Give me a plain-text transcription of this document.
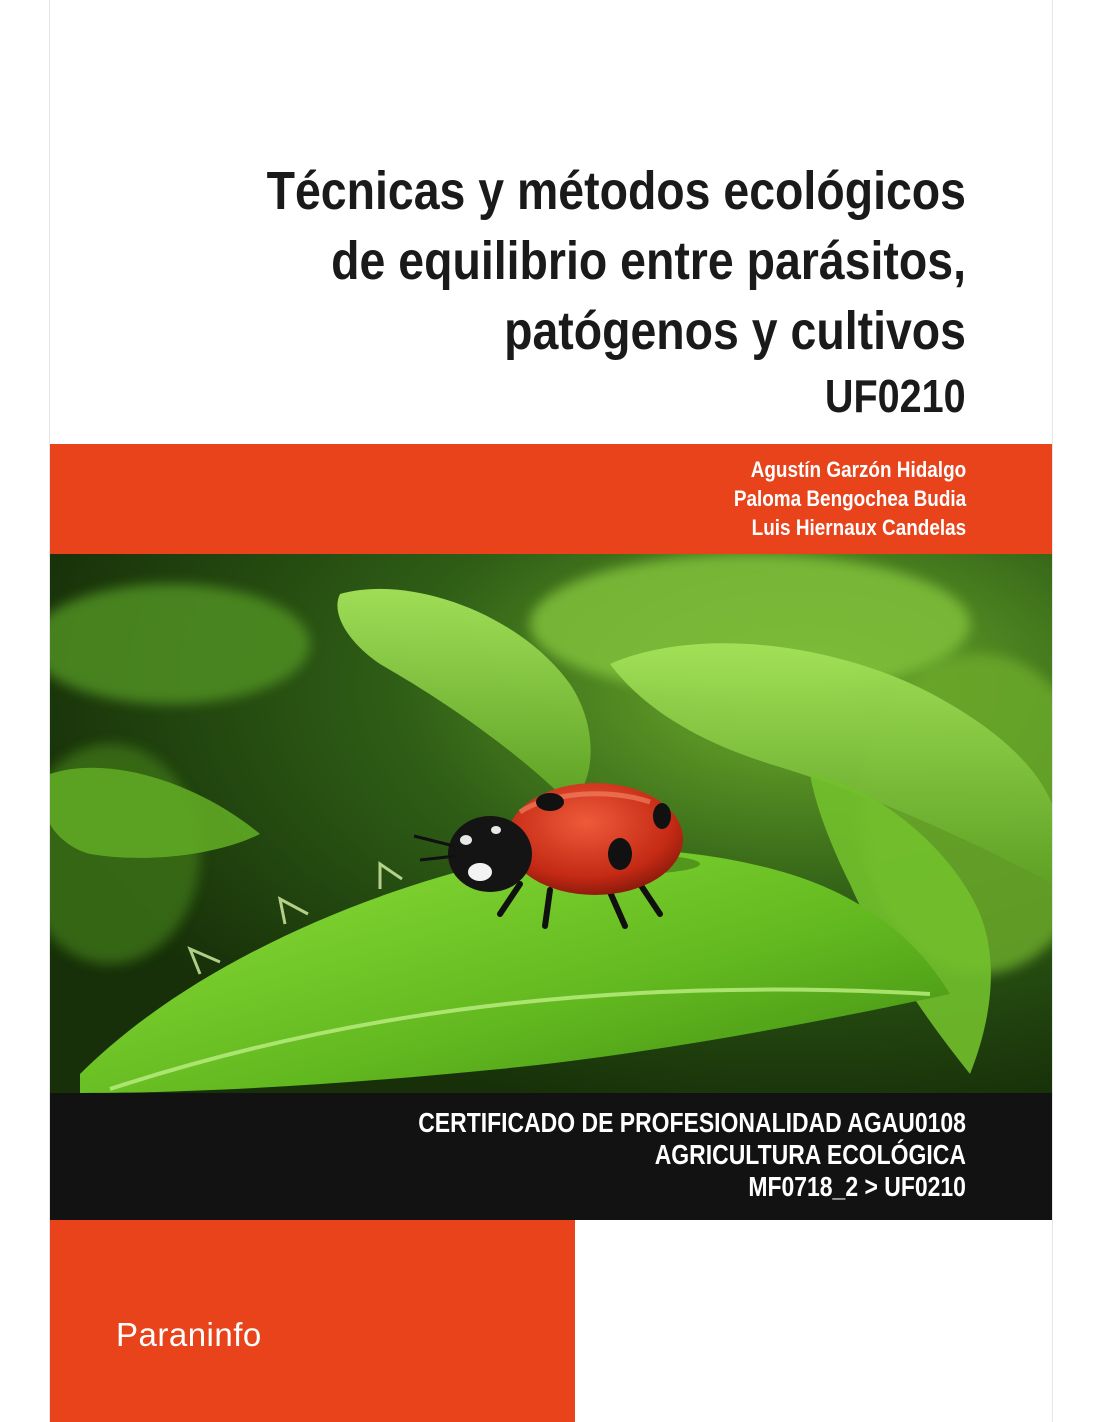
Técnicas y métodos ecológicos
de equilibrio entre parásitos,
patógenos y cultivos
UF0210
Agustín Garzón Hidalgo
Paloma Bengochea Budia
Luis Hiernaux Candelas
CERTIFICADO DE PROFESIONALIDAD AGAU0108
AGRICULTURA ECOLÓGICA
MF0718_2 > UF0210
Paraninfo
